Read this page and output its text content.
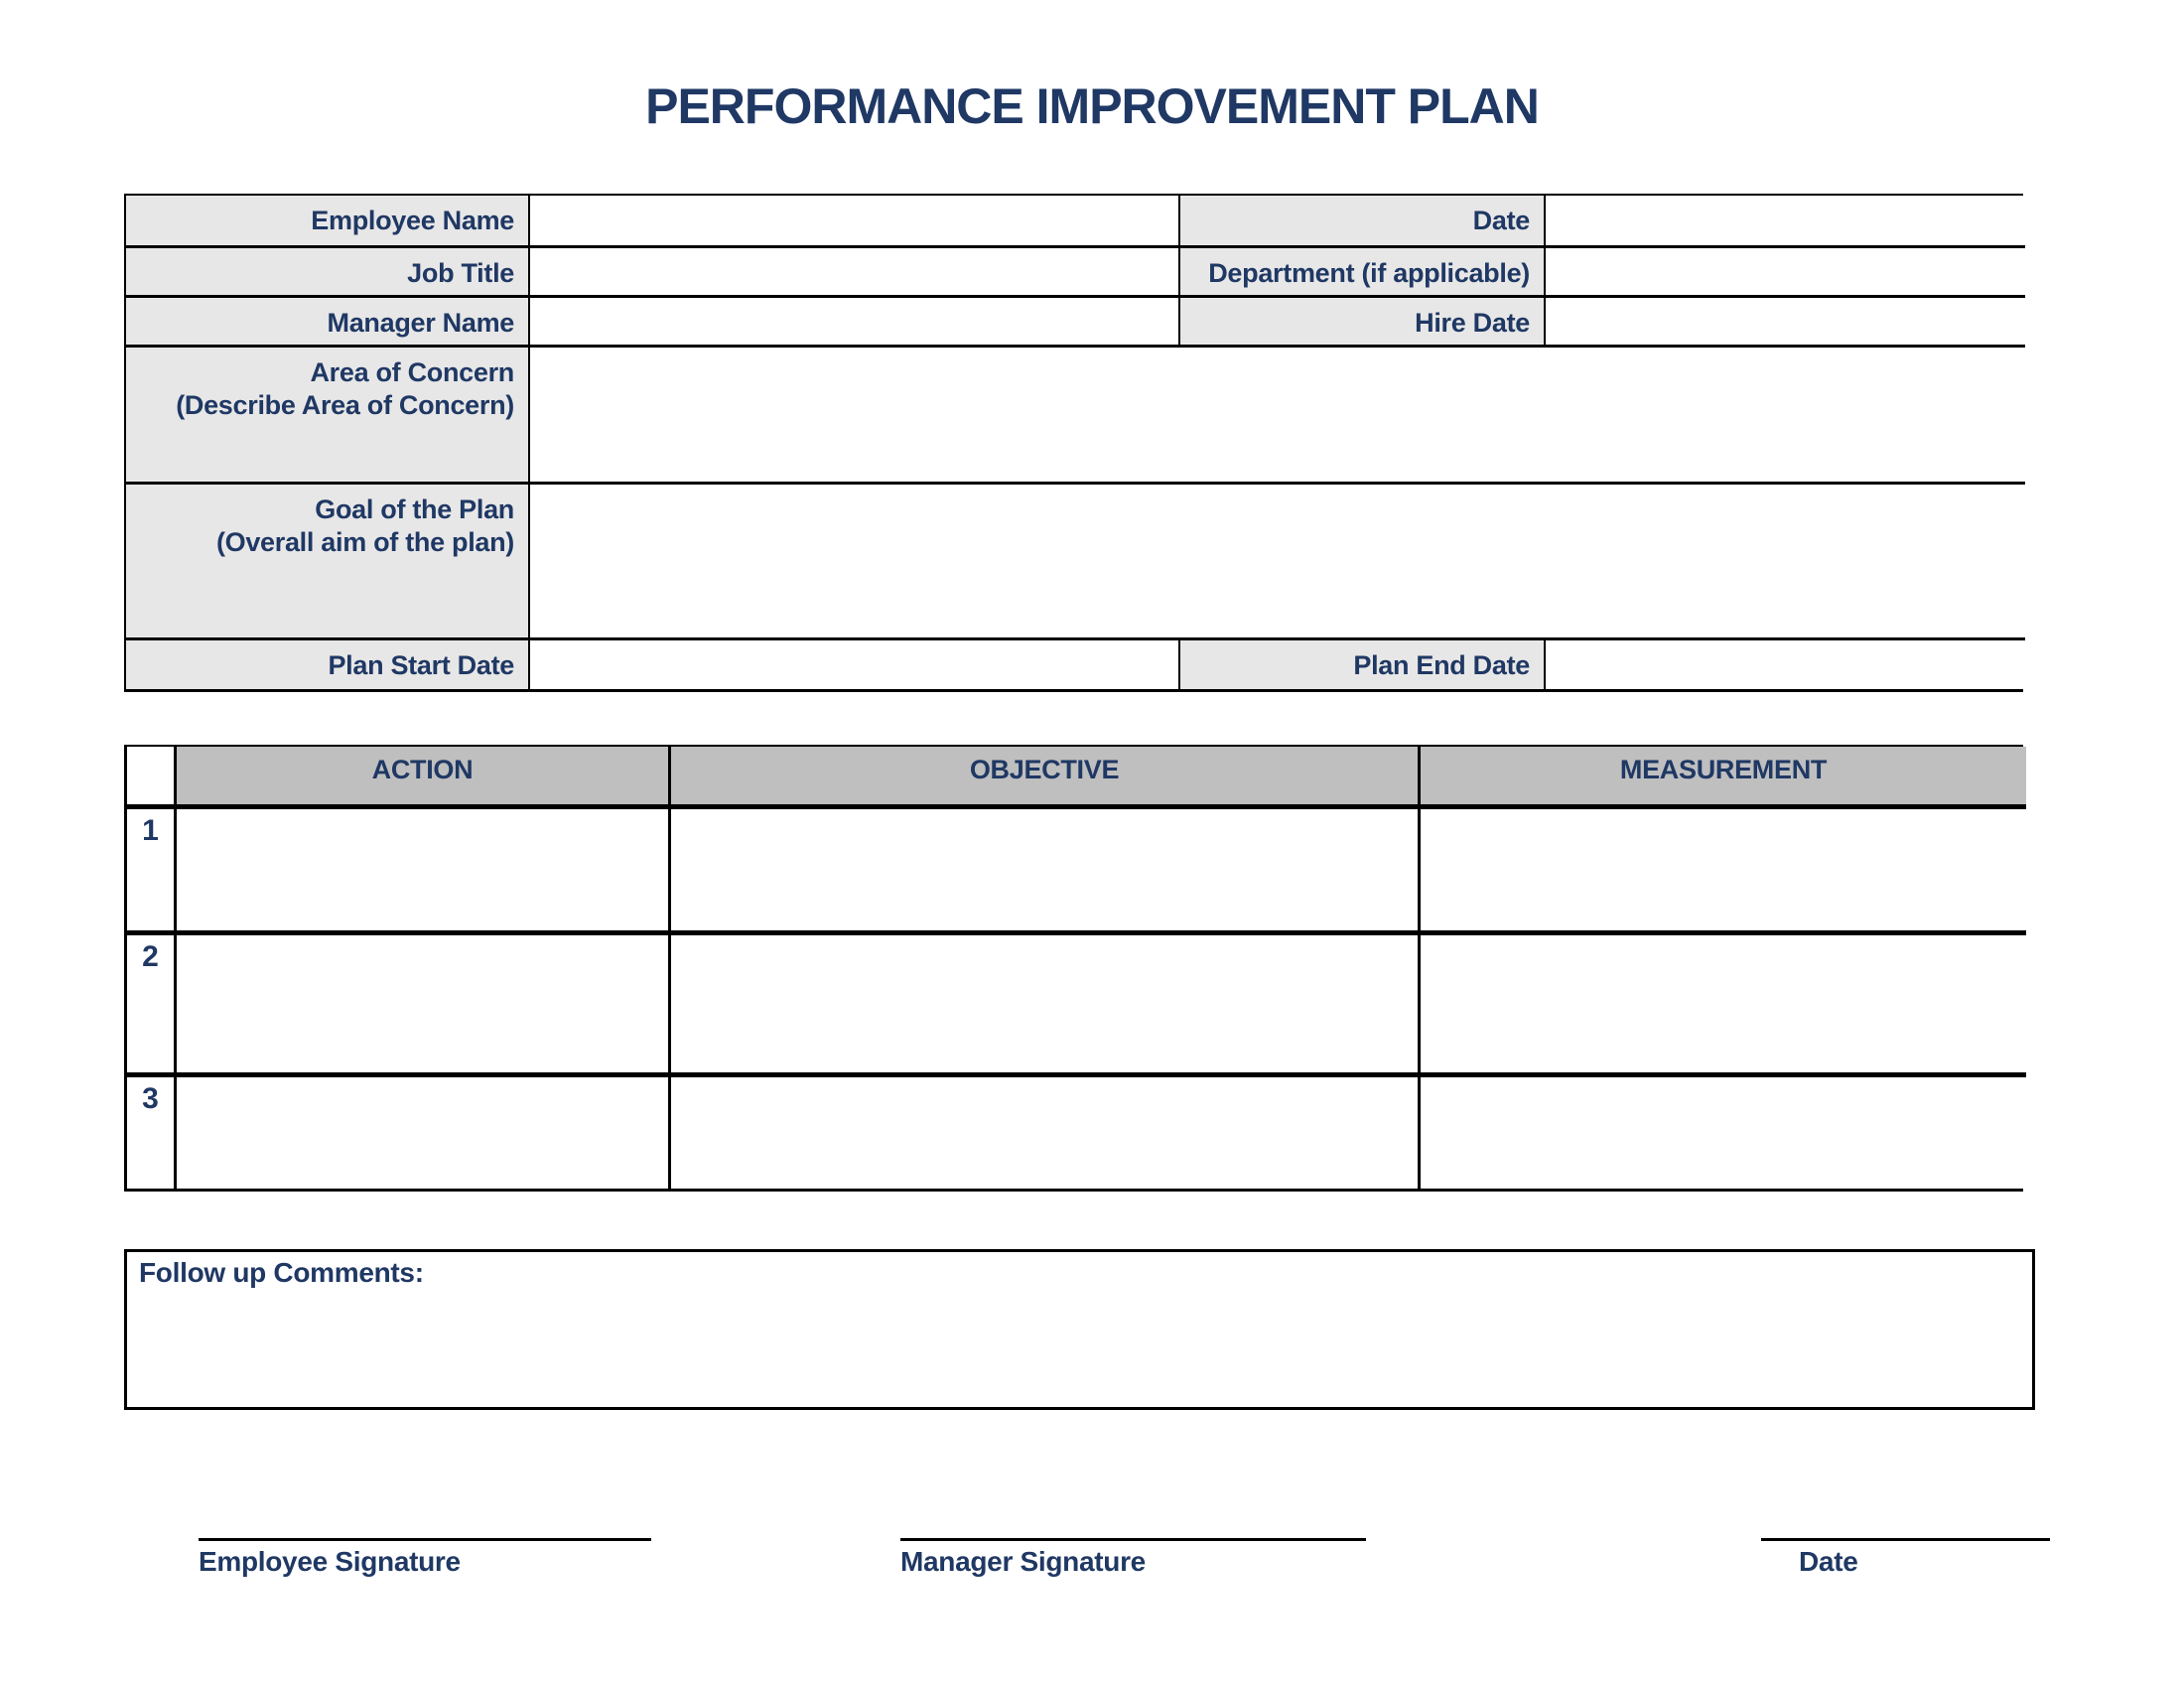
PERFORMANCE IMPROVEMENT PLAN
Employee Name	Date
Job Title	Department (if applicable)
Manager Name	Hire Date
Area of Concern
(Describe Area of Concern)
Goal of the Plan
(Overall aim of the plan)
Plan Start Date	Plan End Date
ACTION	OBJECTIVE	MEASUREMENT
1
2
3
Follow up Comments:
Employee Signature	Manager Signature	Date
